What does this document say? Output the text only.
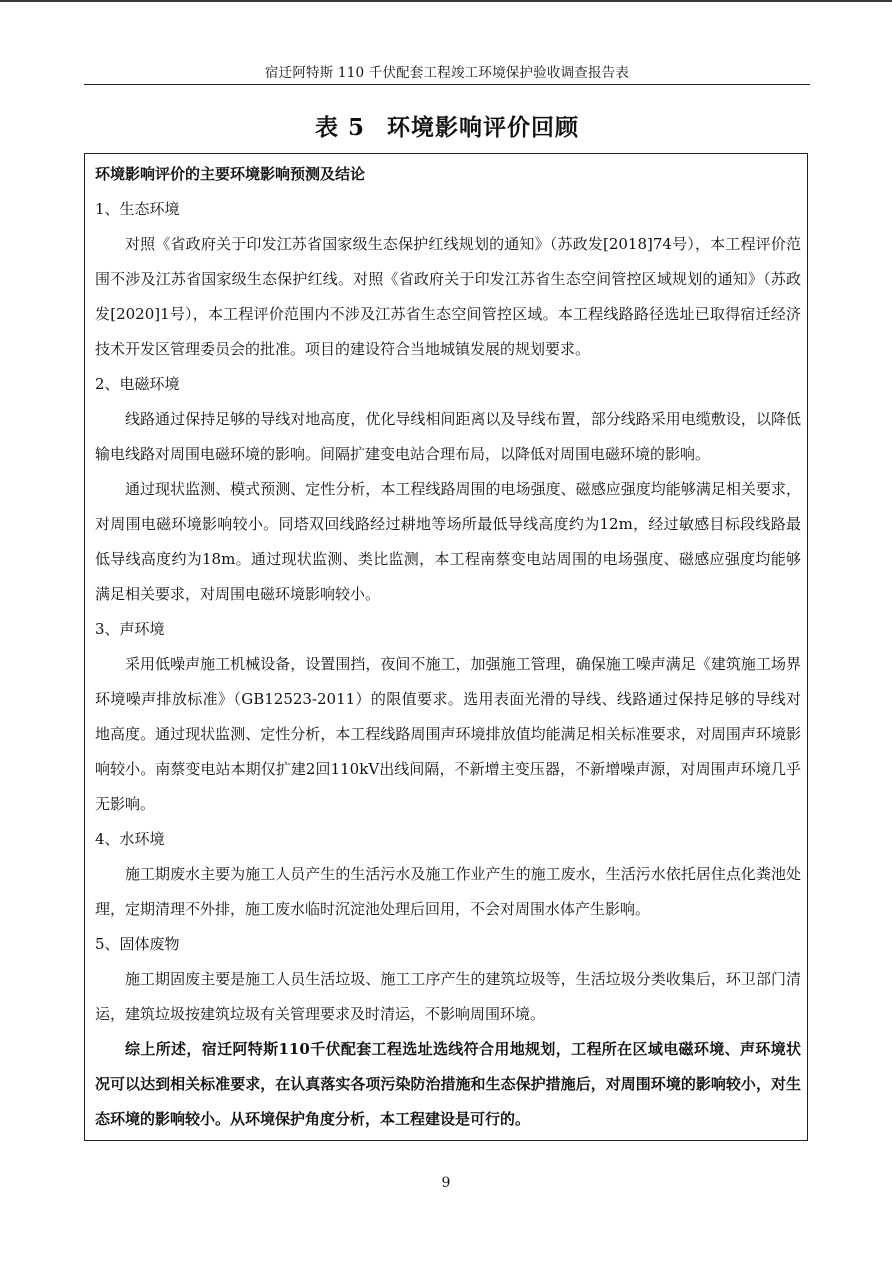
宿迁阿特斯 110 千伏配套工程竣工环境保护验收调查报告表
表 5 环境影响评价回顾

环境影响评价的主要环境影响预测及结论

1、生态环境

对照《省政府关于印发江苏省国家级生态保护红线规划的通知》（苏政发[2018]74号），本工程评价范围不涉及江苏省国家级生态保护红线。对照《省政府关于印发江苏省生态空间管控区域规划的通知》（苏政发[2020]1号），本工程评价范围内不涉及江苏省生态空间管控区域。本工程线路路径选址已取得宿迁经济技术开发区管理委员会的批准。项目的建设符合当地城镇发展的规划要求。

2、电磁环境

线路通过保持足够的导线对地高度，优化导线相间距离以及导线布置，部分线路采用电缆敷设，以降低输电线路对周围电磁环境的影响。间隔扩建变电站合理布局，以降低对周围电磁环境的影响。

通过现状监测、模式预测、定性分析，本工程线路周围的电场强度、磁感应强度均能够满足相关要求，对周围电磁环境影响较小。同塔双回线路经过耕地等场所最低导线高度约为12m，经过敏感目标段线路最低导线高度约为18m。通过现状监测、类比监测，本工程南蔡变电站周围的电场强度、磁感应强度均能够满足相关要求，对周围电磁环境影响较小。

3、声环境

采用低噪声施工机械设备，设置围挡，夜间不施工，加强施工管理，确保施工噪声满足《建筑施工场界环境噪声排放标准》（GB12523-2011）的限值要求。选用表面光滑的导线、线路通过保持足够的导线对地高度。通过现状监测、定性分析，本工程线路周围声环境排放值均能满足相关标准要求，对周围声环境影响较小。南蔡变电站本期仅扩建2回110kV出线间隔，不新增主变压器，不新增噪声源，对周围声环境几乎无影响。

4、水环境

施工期废水主要为施工人员产生的生活污水及施工作业产生的施工废水，生活污水依托居住点化粪池处理，定期清理不外排，施工废水临时沉淀池处理后回用，不会对周围水体产生影响。

5、固体废物

施工期固废主要是施工人员生活垃圾、施工工序产生的建筑垃圾等，生活垃圾分类收集后，环卫部门清运，建筑垃圾按建筑垃圾有关管理要求及时清运，不影响周围环境。

综上所述，宿迁阿特斯110千伏配套工程选址选线符合用地规划，工程所在区域电磁环境、声环境状况可以达到相关标准要求，在认真落实各项污染防治措施和生态保护措施后，对周围环境的影响较小，对生态环境的影响较小。从环境保护角度分析，本工程建设是可行的。

9
